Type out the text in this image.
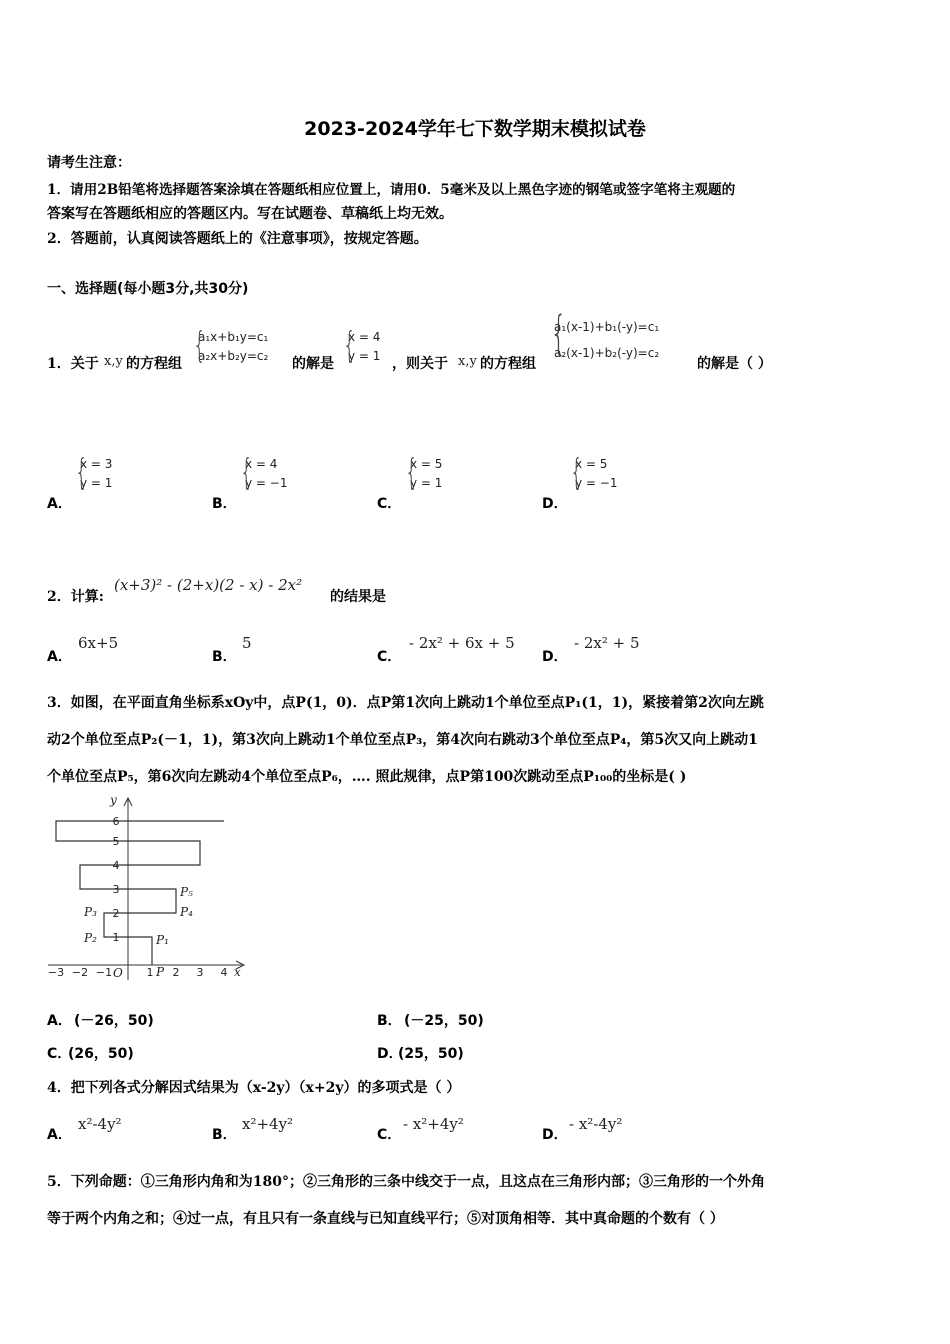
2023-2024学年七下数学期末模拟试卷
请考生注意：
1．请用2B铅笔将选择题答案涂填在答题纸相应位置上，请用0．5毫米及以上黑色字迹的钢笔或签字笔将主观题的
答案写在答题纸相应的答题区内。写在试题卷、草稿纸上均无效。
2．答题前，认真阅读答题纸上的《注意事项》，按规定答题。
一、选择题(每小题3分,共30分)
1．关于 x,y 的方程组
{ a₁x+b₁y=c₁
a₂x+b₂y=c₂ 的解是
{ x = 4
y = 1 ，则关于 x,y 的方程组
{ a₁(x-1)+b₁(-y)=c₁
a₂(x-1)+b₂(-y)=c₂
的解是（ ）
A．
{ x = 3
y = 1
B．
{ x = 4
y = −1
C．
{ x = 5
y = 1
D．
{ x = 5
y = −1
2．计算:
(x+3)² - (2+x)(2 - x) - 2x²
的结果是
A．
6x+5
B．
5
C．
- 2x² + 6x + 5
D．
- 2x² + 5
3．如图，在平面直角坐标系xOy中，点P(1，0)．点P第1次向上跳动1个单位至点P₁(1，1)，紧接着第2次向左跳
动2个单位至点P₂(－1，1)，第3次向上跳动1个单位至点P₃，第4次向右跳动3个单位至点P₄，第5次又向上跳动1
个单位至点P₅，第6次向左跳动4个单位至点P₆，…. 照此规律，点P第100次跳动至点P₁₀₀的坐标是( )
y
x
O	P
P₁
P₂
P₃	P₄
P₅
−3 −2 −1	1 2 3 4
1
2
3
4
5
6
A． (－26，50)	B． (－25，50)
C．
(26，50)	D．
(25，50)
4．把下列各式分解因式结果为（x-2y）（x+2y）的多项式是（ ）
A．
x²-4y²
B．
x²+4y²
C．
- x²+4y²
D．
- x²-4y²
5．下列命题：①三角形内角和为180°；②三角形的三条中线交于一点，且这点在三角形内部；③三角形的一个外角
等于两个内角之和；④过一点，有且只有一条直线与已知直线平行；⑤对顶角相等．其中真命题的个数有（ ）
